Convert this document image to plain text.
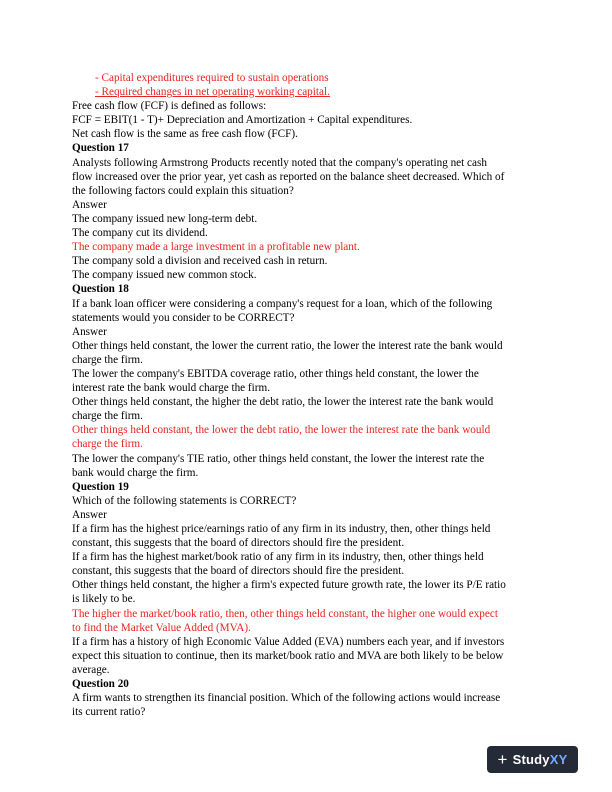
- Capital expenditures required to sustain operations
- Required changes in net operating working capital.
Free cash flow (FCF) is defined as follows:
FCF = EBIT(1 - T)+ Depreciation and Amortization + Capital expenditures.
Net cash flow is the same as free cash flow (FCF).
Question 17
Analysts following Armstrong Products recently noted that the company's operating net cash
flow increased over the prior year, yet cash as reported on the balance sheet decreased. Which of
the following factors could explain this situation?
Answer
The company issued new long-term debt.
The company cut its dividend.
The company made a large investment in a profitable new plant.
The company sold a division and received cash in return.
The company issued new common stock.
Question 18
If a bank loan officer were considering a company's request for a loan, which of the following
statements would you consider to be CORRECT?
Answer
Other things held constant, the lower the current ratio, the lower the interest rate the bank would
charge the firm.
The lower the company's EBITDA coverage ratio, other things held constant, the lower the
interest rate the bank would charge the firm.
Other things held constant, the higher the debt ratio, the lower the interest rate the bank would
charge the firm.
Other things held constant, the lower the debt ratio, the lower the interest rate the bank would
charge the firm.
The lower the company's TIE ratio, other things held constant, the lower the interest rate the
bank would charge the firm.
Question 19
Which of the following statements is CORRECT?
Answer
If a firm has the highest price/earnings ratio of any firm in its industry, then, other things held
constant, this suggests that the board of directors should fire the president.
If a firm has the highest market/book ratio of any firm in its industry, then, other things held
constant, this suggests that the board of directors should fire the president.
Other things held constant, the higher a firm's expected future growth rate, the lower its P/E ratio
is likely to be.
The higher the market/book ratio, then, other things held constant, the higher one would expect
to find the Market Value Added (MVA).
If a firm has a history of high Economic Value Added (EVA) numbers each year, and if investors
expect this situation to continue, then its market/book ratio and MVA are both likely to be below
average.
Question 20
A firm wants to strengthen its financial position. Which of the following actions would increase
its current ratio?
+ StudyXY
